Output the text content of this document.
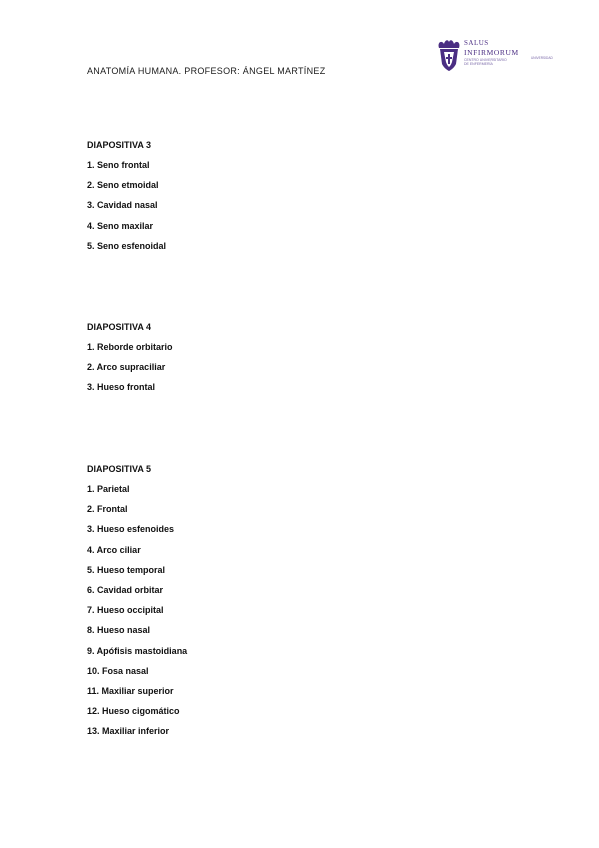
ANATOMÍA HUMANA. PROFESOR: ÁNGEL MARTÍNEZ
SALUS
INFIRMORUM
UNIVERSIDAD
CENTRO UNIVERSITARIO
DE ENFERMERÍA
DIAPOSITIVA 3
1. Seno frontal
2. Seno etmoidal
3. Cavidad nasal
4. Seno maxilar
5. Seno esfenoidal
DIAPOSITIVA 4
1. Reborde orbitario
2. Arco supraciliar
3. Hueso frontal
DIAPOSITIVA 5
1. Parietal
2. Frontal
3. Hueso esfenoides
4. Arco ciliar
5. Hueso temporal
6. Cavidad orbitar
7. Hueso occipital
8. Hueso nasal
9. Apófisis mastoidiana
10. Fosa nasal
11. Maxiliar superior
12. Hueso cigomático
13. Maxiliar inferior
